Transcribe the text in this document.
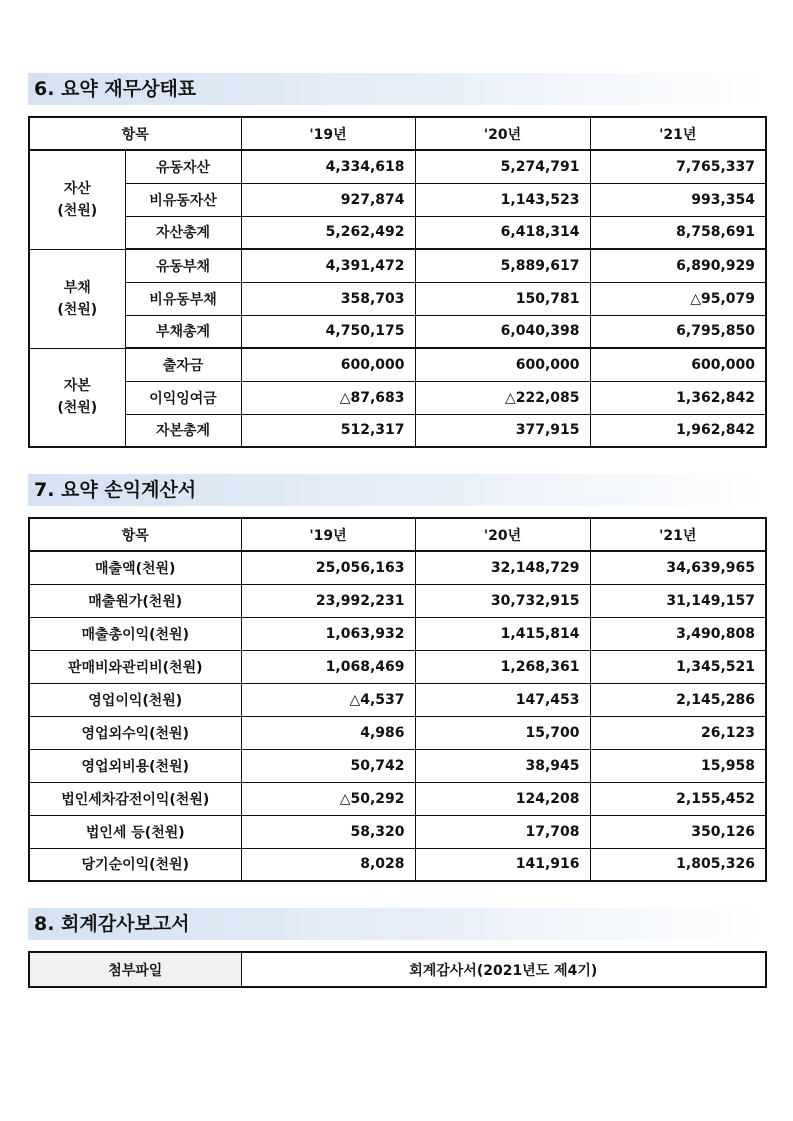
6. 요약 재무상태표
항목		'19년	'20년	'21년
자산
(천원)	유동자산	4,334,618	5,274,791	7,765,337
	비유동자산	927,874	1,143,523	993,354
	자산총계	5,262,492	6,418,314	8,758,691
부채
(천원)	유동부채	4,391,472	5,889,617	6,890,929
	비유동부채	358,703	150,781	△95,079
	부채총계	4,750,175	6,040,398	6,795,850
자본
(천원)	출자금	600,000	600,000	600,000
	이익잉여금	△87,683	△222,085	1,362,842
	자본총계	512,317	377,915	1,962,842
7. 요약 손익계산서
항목	'19년	'20년	'21년
매출액(천원)	25,056,163	32,148,729	34,639,965
매출원가(천원)	23,992,231	30,732,915	31,149,157
매출총이익(천원)	1,063,932	1,415,814	3,490,808
판매비와관리비(천원)	1,068,469	1,268,361	1,345,521
영업이익(천원)	△4,537	147,453	2,145,286
영업외수익(천원)	4,986	15,700	26,123
영업외비용(천원)	50,742	38,945	15,958
법인세차감전이익(천원)	△50,292	124,208	2,155,452
법인세 등(천원)	58,320	17,708	350,126
당기순이익(천원)	8,028	141,916	1,805,326
8. 회계감사보고서
첨부파일	회계감사서(2021년도 제4기)
